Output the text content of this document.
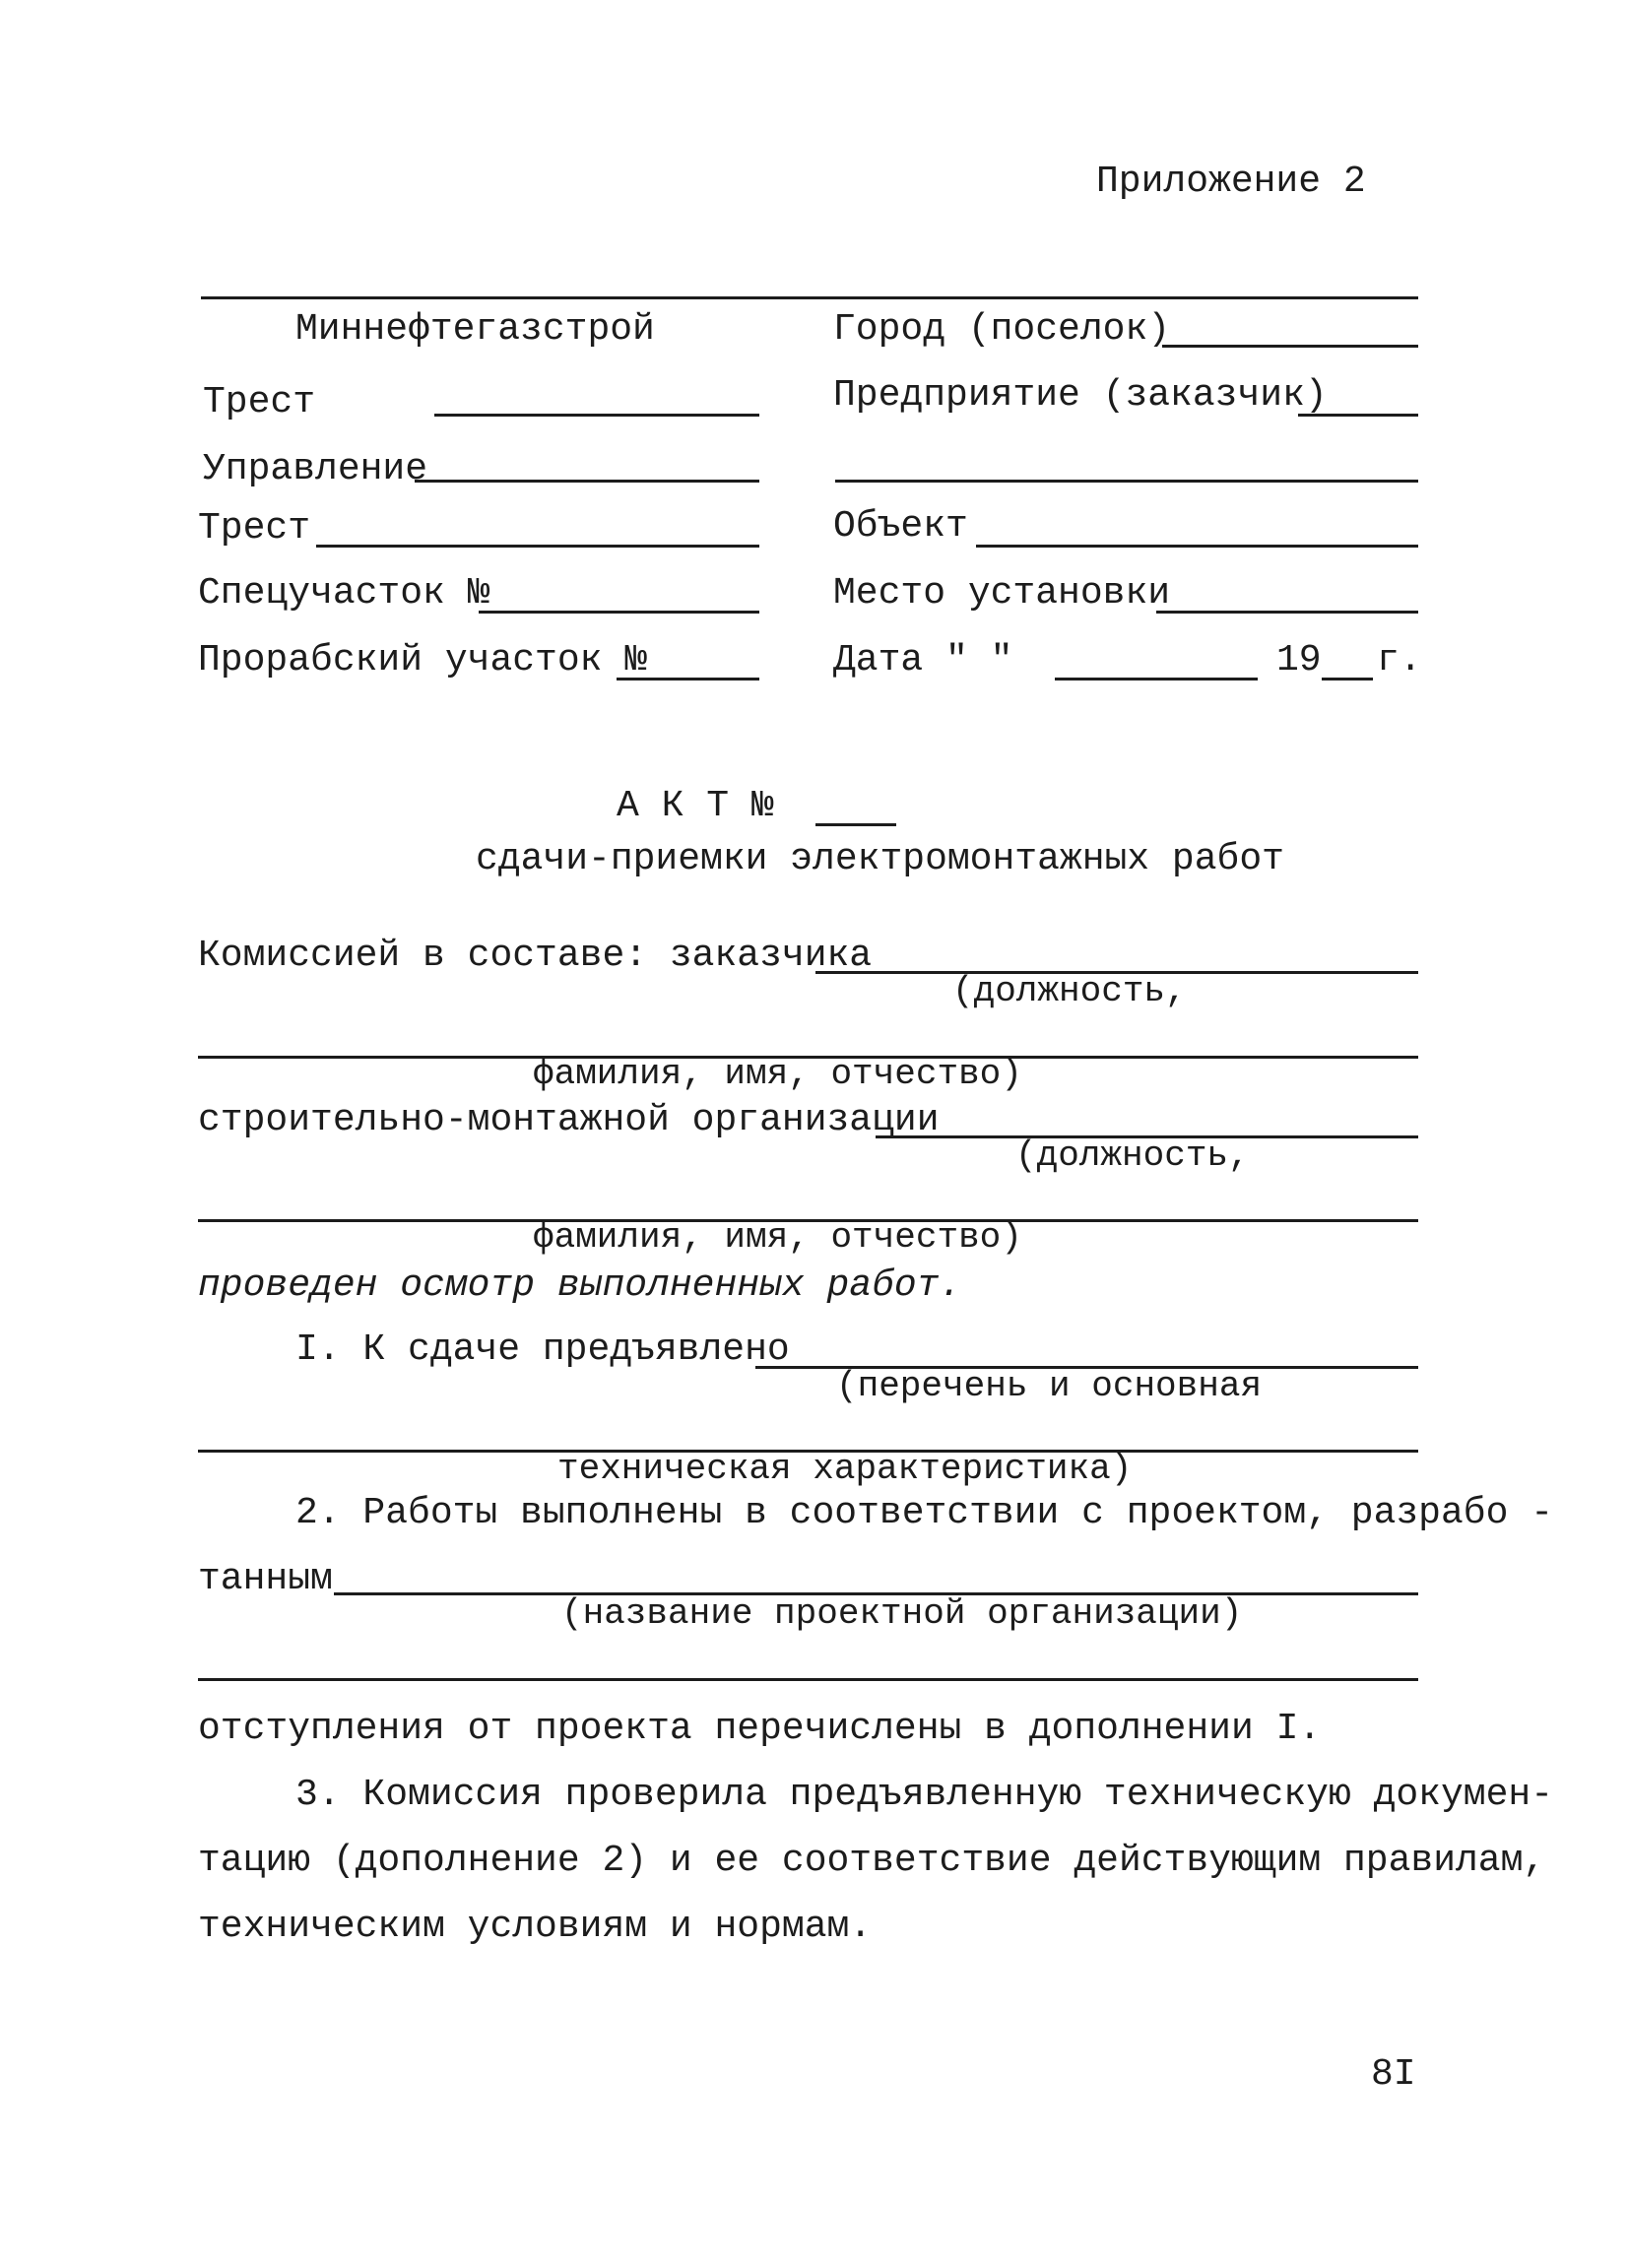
Приложение 2
Миннефтегазстрой
Трест
Управление
Трест
Спецучасток №
Прорабский участок №
Город (поселок)
Предприятие (заказчик)
Объект
Место установки
Дата " "	19 г.
А К Т №
сдачи-приемки электромонтажных работ
Комиссией в составе: заказчика
(должность,
фамилия, имя, отчество)
строительно-монтажной организации
(должность,
фамилия, имя, отчество)
проведен осмотр выполненных работ.
I. К сдаче предъявлено
(перечень и основная
техническая характеристика)
2. Работы выполнены в соответствии с проектом, разрабо -
танным
(название проектной организации)
отступления от проекта перечислены в дополнении I.
3. Комиссия проверила предъявленную техническую докумен-
тацию (дополнение 2) и ее соответствие действующим правилам,
техническим условиям и нормам.
8I
